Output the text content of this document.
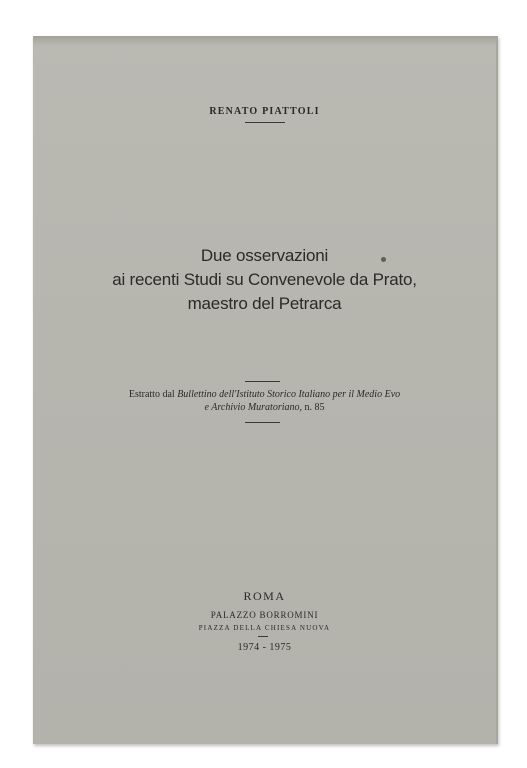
RENATO PIATTOLI
Due osservazioni
ai recenti Studi su Convenevole da Prato,
maestro del Petrarca
Estratto dal Bullettino dell'Istituto Storico Italiano per il Medio Evo
e Archivio Muratoriano, n. 85
ROMA
PALAZZO BORROMINI
PIAZZA DELLA CHIESA NUOVA
1974 - 1975
